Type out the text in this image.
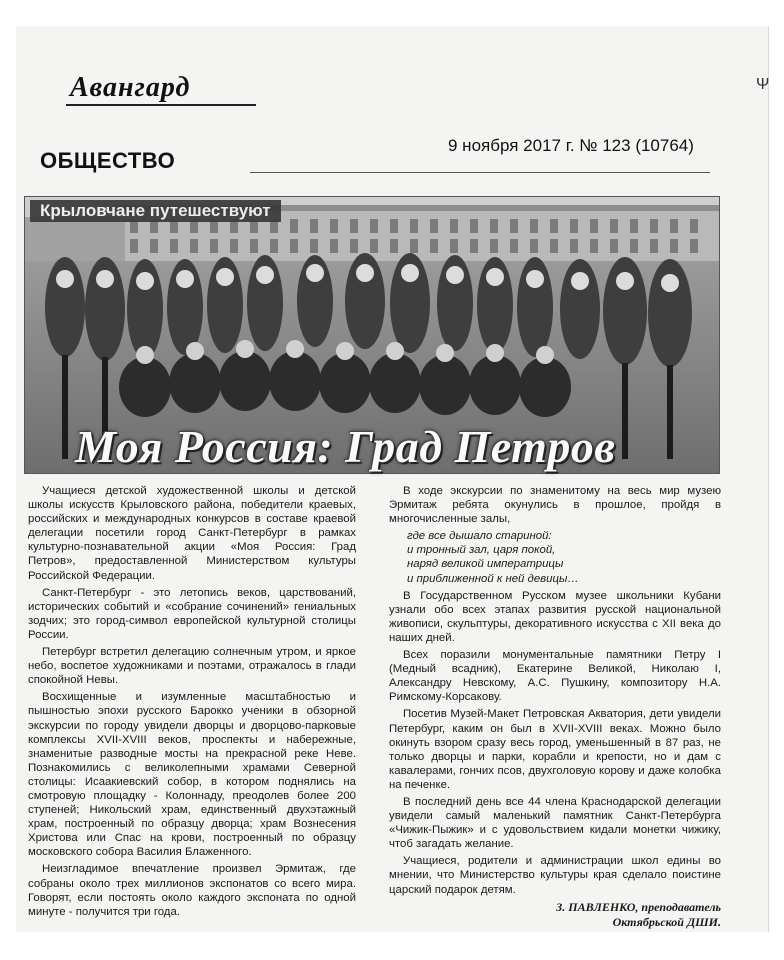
Авангард	Ψ
ОБЩЕСТВО
9 ноября 2017 г. № 123 (10764)
Крыловчане путешествуют
Моя Россия: Град Петров

Учащиеся детской художественной школы и детской школы искусств Крыловского района, победители краевых, российских и международных конкурсов в составе краевой делегации посетили город Санкт-Петербург в рамках культурно-познавательной акции «Моя Россия: Град Петров», предоставленной Министерством культуры Российской Федерации.

Санкт-Петербург - это летопись веков, царствований, исторических событий и «собрание сочинений» гениальных зодчих; это город-символ европейской культурной столицы России.

Петербург встретил делегацию солнечным утром, и яркое небо, воспетое художниками и поэтами, отражалось в глади спокойной Невы.

Восхищенные и изумленные масштабностью и пышностью эпохи русского Барокко ученики в обзорной экскурсии по городу увидели дворцы и дворцово-парковые комплексы XVII-XVIII веков, проспекты и набережные, знаменитые разводные мосты на прекрасной реке Неве. Познакомились с великолепными храмами Северной столицы: Исаакиевский собор, в котором поднялись на смотровую площадку - Колоннаду, преодолев более 200 ступеней; Никольский храм, единственный двухэтажный храм, построенный по образцу дворца; храм Вознесения Христова или Спас на крови, построенный по образцу московского собора Василия Блаженного.

Неизгладимое впечатление произвел Эрмитаж, где собраны около трех миллионов экспонатов со всего мира. Говорят, если постоять около каждого экспоната по одной минуте - получится три года.

В ходе экскурсии по знаменитому на весь мир музею Эрмитаж ребята окунулись в прошлое, пройдя в многочисленные залы,

где все дышало стариной:

и тронный зал, царя покой,

наряд великой императрицы

и приближенной к ней девицы…

В Государственном Русском музее школьники Кубани узнали обо всех этапах развития русской национальной живописи, скульптуры, декоративного искусства с XII века до наших дней.

Всех поразили монументальные памятники Петру I (Медный всадник), Екатерине Великой, Николаю I, Александру Невскому, А.С. Пушкину, композитору Н.А. Римскому-Корсакову.

Посетив Музей-Макет Петровская Акватория, дети увидели Петербург, каким он был в XVII-XVIII веках. Можно было окинуть взором сразу весь город, уменьшенный в 87 раз, не только дворцы и парки, корабли и крепости, но и дам с кавалерами, гончих псов, двухголовую корову и даже колобка на печенке.

В последний день все 44 члена Краснодарской делегации увидели самый маленький памятник Санкт-Петербурга «Чижик-Пыжик» и с удовольствием кидали монетки чижику, чтоб загадать желание.

Учащиеся, родители и администрации школ едины во мнении, что Министерство культуры края сделало поистине царский подарок детям.

З. ПАВЛЕНКО, преподаватель
Октябрьской ДШИ.
